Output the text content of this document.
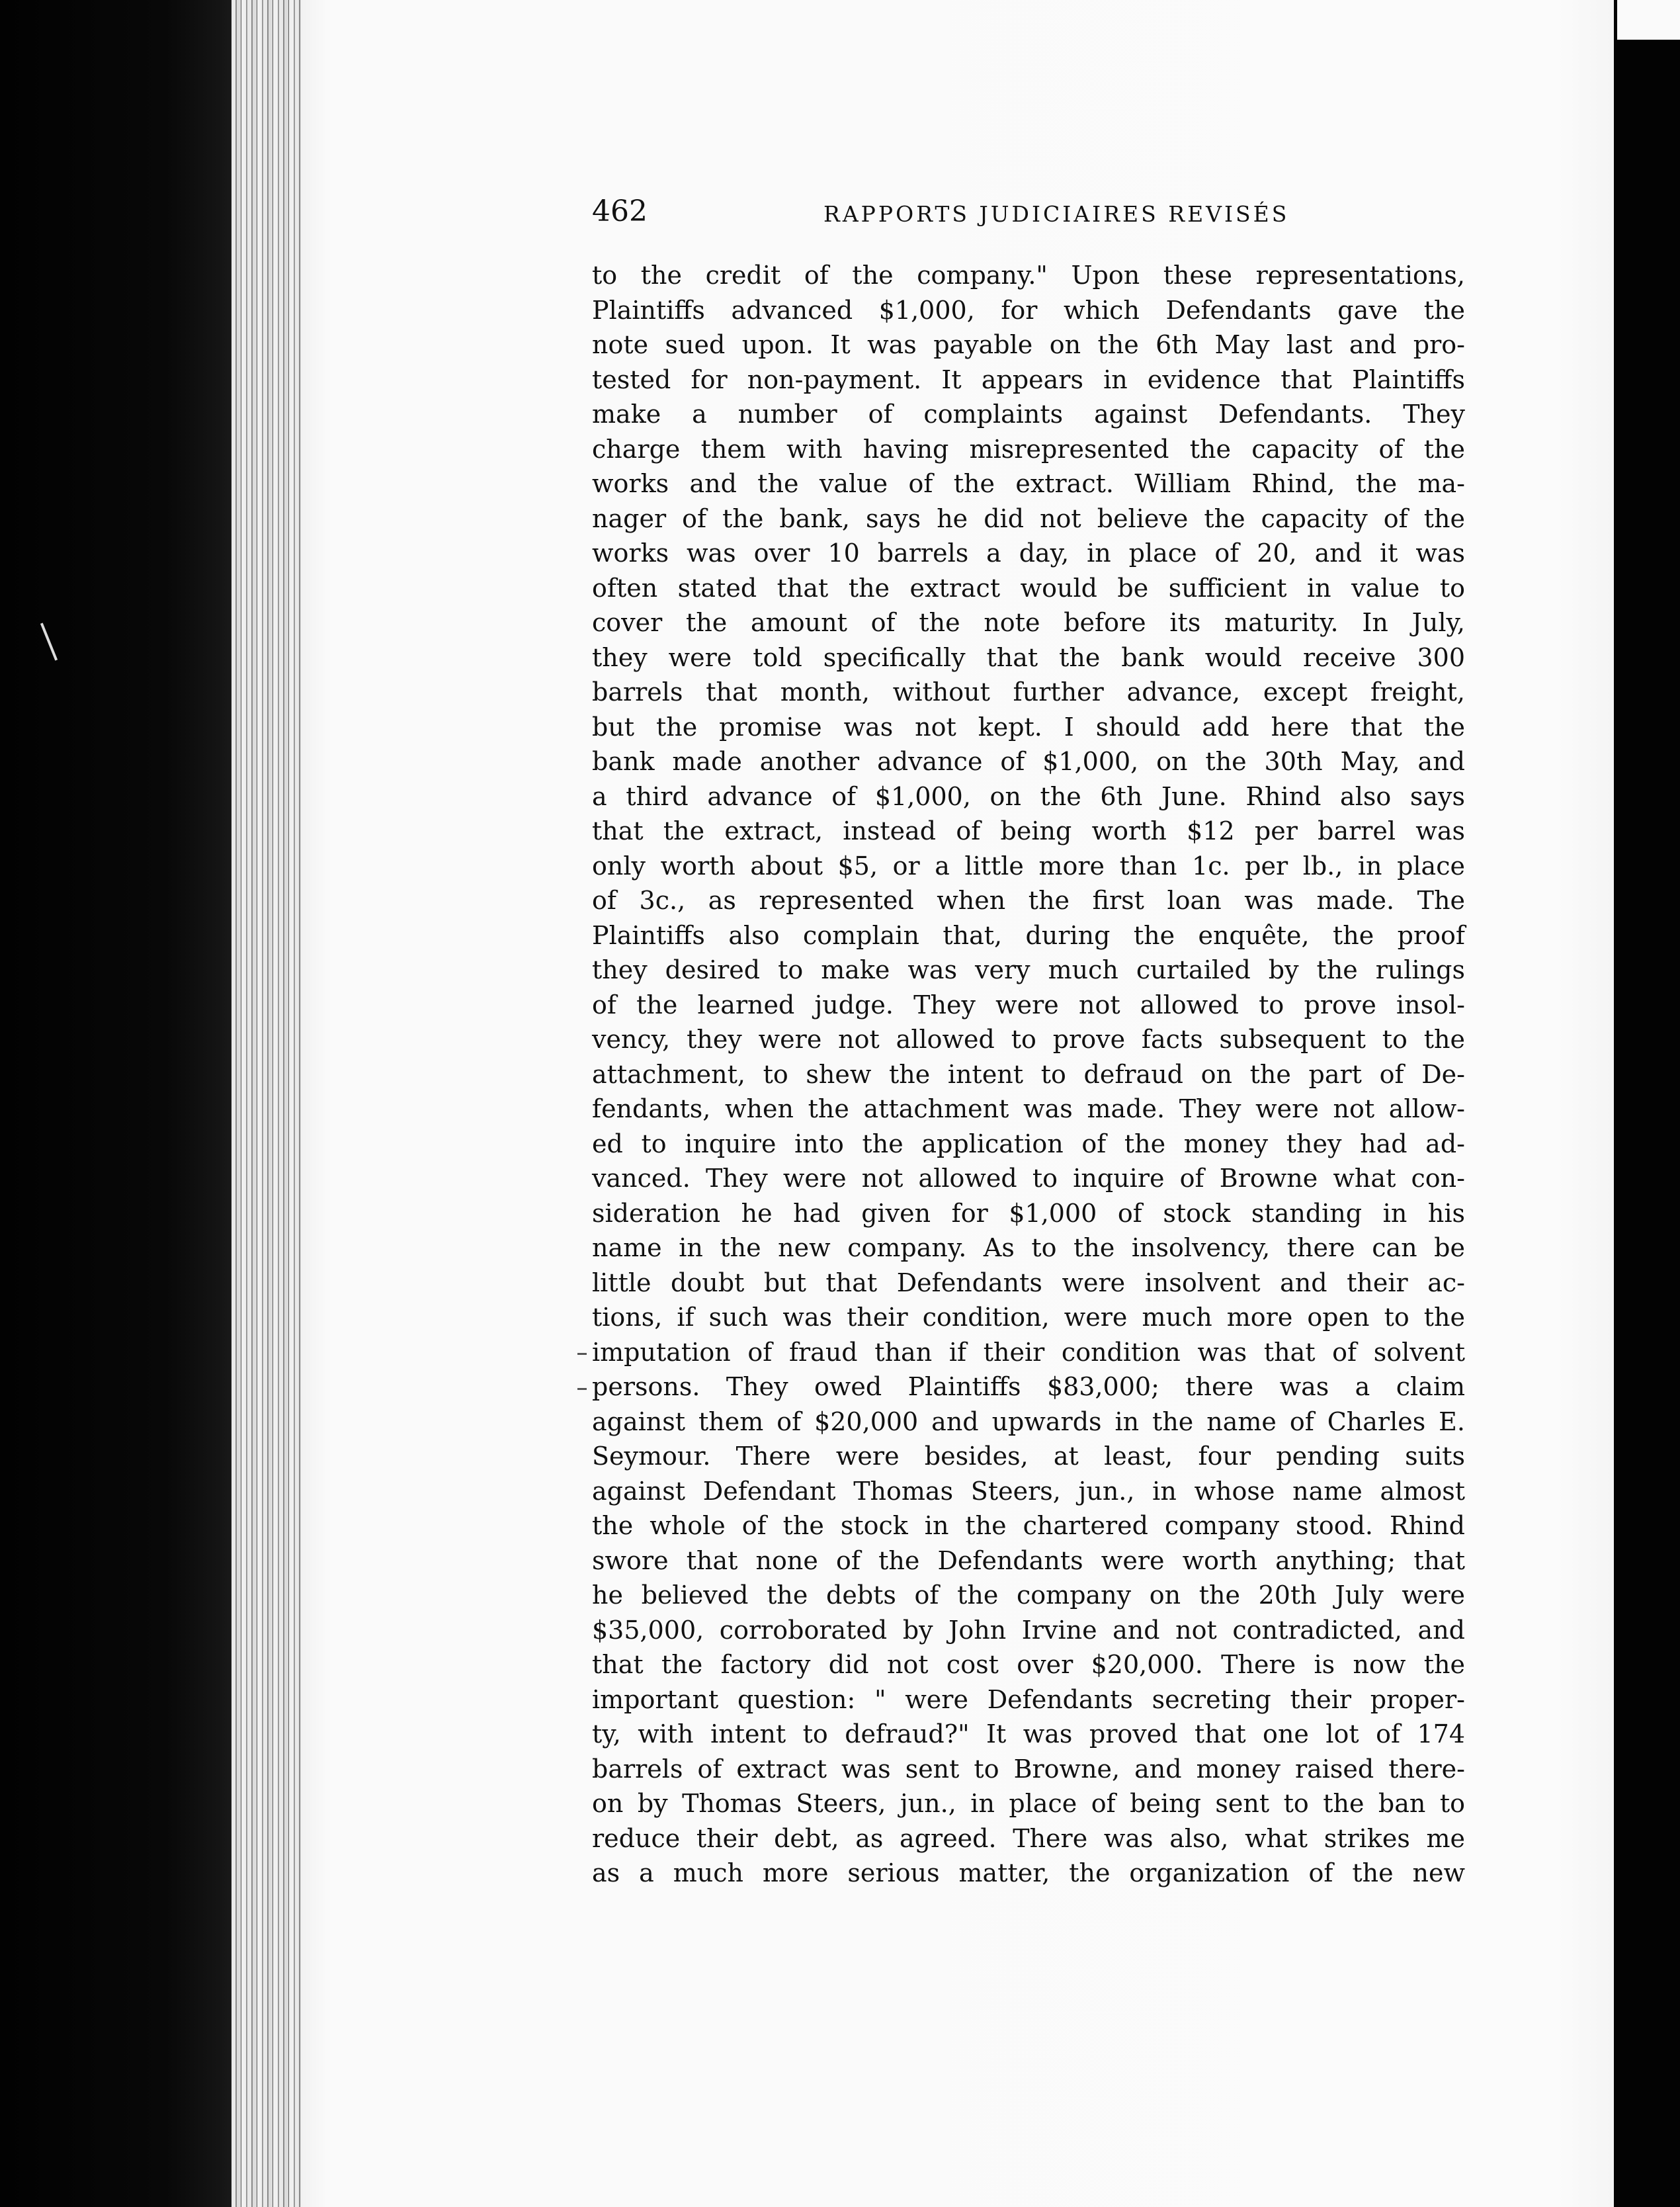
462	RAPPORTS JUDICIAIRES REVISÉS
to the credit of the company." Upon these representations,
Plaintiffs advanced $1,000, for which Defendants gave the
note sued upon. It was payable on the 6th May last and pro-
tested for non-payment. It appears in evidence that Plaintiffs
make a number of complaints against Defendants. They
charge them with having misrepresented the capacity of the
works and the value of the extract. William Rhind, the ma-
nager of the bank, says he did not believe the capacity of the
works was over 10 barrels a day, in place of 20, and it was
often stated that the extract would be sufficient in value to
cover the amount of the note before its maturity. In July,
they were told specifically that the bank would receive 300
barrels that month, without further advance, except freight,
but the promise was not kept. I should add here that the
bank made another advance of $1,000, on the 30th May, and
a third advance of $1,000, on the 6th June. Rhind also says
that the extract, instead of being worth $12 per barrel was
only worth about $5, or a little more than 1c. per lb., in place
of 3c., as represented when the first loan was made. The
Plaintiffs also complain that, during the enquête, the proof
they desired to make was very much curtailed by the rulings
of the learned judge. They were not allowed to prove insol-
vency, they were not allowed to prove facts subsequent to the
attachment, to shew the intent to defraud on the part of De-
fendants, when the attachment was made. They were not allow-
ed to inquire into the application of the money they had ad-
vanced. They were not allowed to inquire of Browne what con-
sideration he had given for $1,000 of stock standing in his
name in the new company. As to the insolvency, there can be
little doubt but that Defendants were insolvent and their ac-
tions, if such was their condition, were much more open to the
imputation of fraud than if their condition was that of solvent
persons. They owed Plaintiffs $83,000; there was a claim
against them of $20,000 and upwards in the name of Charles E.
Seymour. There were besides, at least, four pending suits
against Defendant Thomas Steers, jun., in whose name almost
the whole of the stock in the chartered company stood. Rhind
swore that none of the Defendants were worth anything; that
he believed the debts of the company on the 20th July were
$35,000, corroborated by John Irvine and not contradicted, and
that the factory did not cost over $20,000. There is now the
important question: " were Defendants secreting their proper-
ty, with intent to defraud?" It was proved that one lot of 174
barrels of extract was sent to Browne, and money raised there-
on by Thomas Steers, jun., in place of being sent to the ban to
reduce their debt, as agreed. There was also, what strikes me
as a much more serious matter, the organization of the new
